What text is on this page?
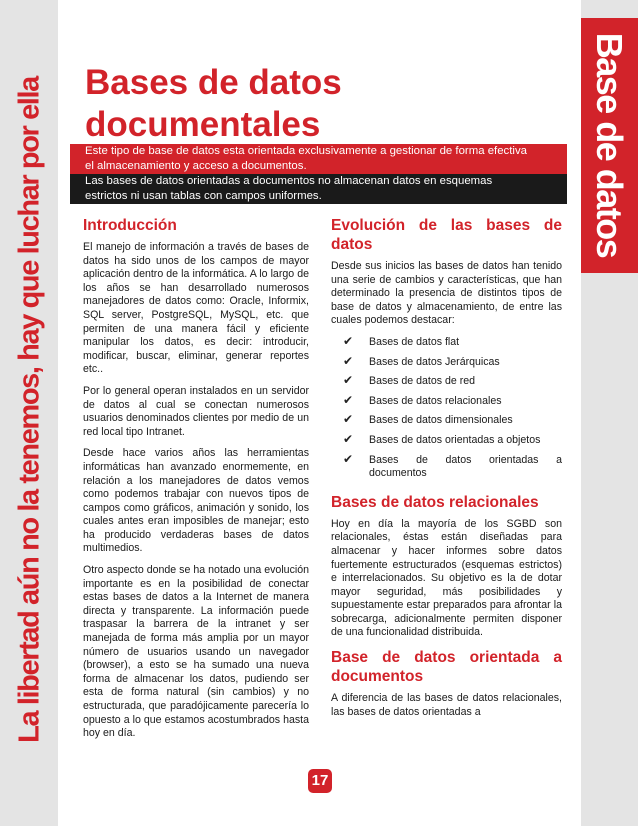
La libertad aún no la tenemos, hay que luchar por ella	Base de datos
Bases de datos documentales
Este tipo de base de datos esta orientada exclusivamente a gestionar de forma efectiva
el almacenamiento y acceso a documentos.
Las bases de datos orientadas a documentos no almacenan datos en esquemas
estrictos ni usan tablas con campos uniformes.
Introducción

El manejo de información a través de bases de datos ha sido unos de los campos de mayor aplicación dentro de la informática. A lo largo de los años se han desarrollado numerosos manejadores de datos como: Oracle, Informix, SQL server, PostgreSQL, MySQL, etc. que permiten de una manera fácil y eficiente manipular los datos, es decir: introducir, modificar, buscar, eliminar, generar reportes etc..

Por lo general operan instalados en un servidor de datos al cual se conectan numerosos usuarios denominados clientes por medio de un red local tipo Intranet.

Desde hace varios años las herramientas informáticas han avanzado enormemente, en relación a los manejadores de datos vemos como podemos trabajar con nuevos tipos de campos como gráficos, animación y sonido, los cuales antes eran imposibles de manejar; esto ha producido verdaderas bases de datos multimedios.

Otro aspecto donde se ha notado una evolución importante es en la posibilidad de conectar estas bases de datos a la Internet de manera directa y transparente. La información puede traspasar la barrera de la intranet y ser manejada de forma más amplia por un mayor número de usuarios usando un navegador (browser), a esto se ha sumado una nueva forma de almacenar los datos, pudiendo ser esta de forma natural (sin cambios) y no estructurada, que paradójicamente parecería lo opuesto a lo que estamos acostumbrados hasta hoy en día.

Evolución de las bases de datos

Desde sus inicios las bases de datos han tenido una serie de cambios y características, que han determinado la presencia de distintos tipos de base de datos y almacenamiento, de entre las cuales podemos destacar:

✔ Bases de datos flat
✔ Bases de datos Jerárquicas
✔ Bases de datos de red
✔ Bases de datos relacionales
✔ Bases de datos dimensionales
✔ Bases de datos orientadas a objetos
✔ Bases de datos orientadas a documentos
Bases de datos relacionales

Hoy en día la mayoría de los SGBD son relacionales, éstas están diseñadas para almacenar y hacer informes sobre datos fuertemente estructurados (esquemas estrictos) e interrelacionados. Su objetivo es la de dotar mayor seguridad, más posibilidades y supuestamente estar preparados para afrontar la sobrecarga, adicionalmente permiten disponer de una funcionalidad distribuida.

Base de datos orientada a documentos

A diferencia de las bases de datos relacionales, las bases de datos orientadas a

17
